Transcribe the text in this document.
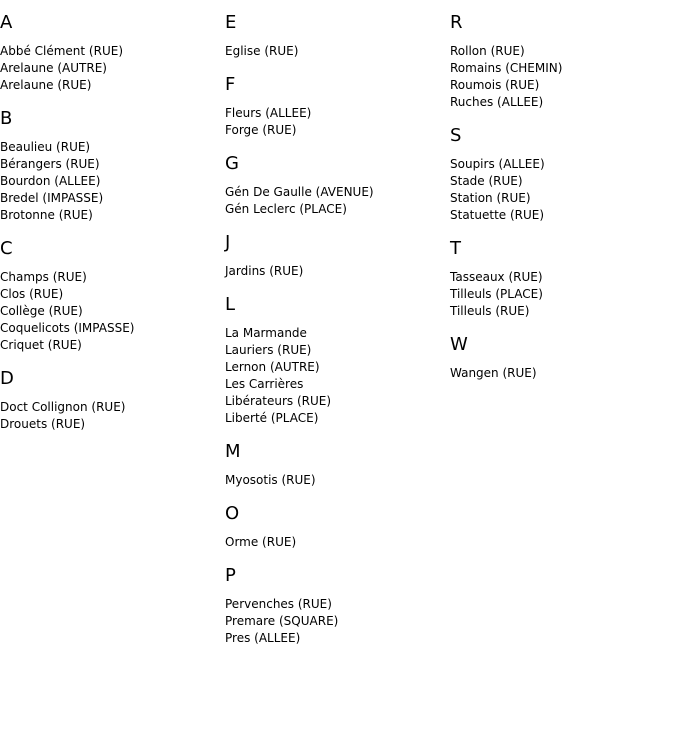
A
Abbé Clément (RUE)
Arelaune (AUTRE)
Arelaune (RUE)
B
Beaulieu (RUE)
Bérangers (RUE)
Bourdon (ALLEE)
Bredel (IMPASSE)
Brotonne (RUE)
C
Champs (RUE)
Clos (RUE)
Collège (RUE)
Coquelicots (IMPASSE)
Criquet (RUE)
D
Doct Collignon (RUE)
Drouets (RUE)
E
Eglise (RUE)
F
Fleurs (ALLEE)
Forge (RUE)
G
Gén De Gaulle (AVENUE)
Gén Leclerc (PLACE)
J
Jardins (RUE)
L
La Marmande
Lauriers (RUE)
Lernon (AUTRE)
Les Carrières
Libérateurs (RUE)
Liberté (PLACE)
M
Myosotis (RUE)
O
Orme (RUE)
P
Pervenches (RUE)
Premare (SQUARE)
Pres (ALLEE)
R
Rollon (RUE)
Romains (CHEMIN)
Roumois (RUE)
Ruches (ALLEE)
S
Soupirs (ALLEE)
Stade (RUE)
Station (RUE)
Statuette (RUE)
T
Tasseaux (RUE)
Tilleuls (PLACE)
Tilleuls (RUE)
W
Wangen (RUE)
